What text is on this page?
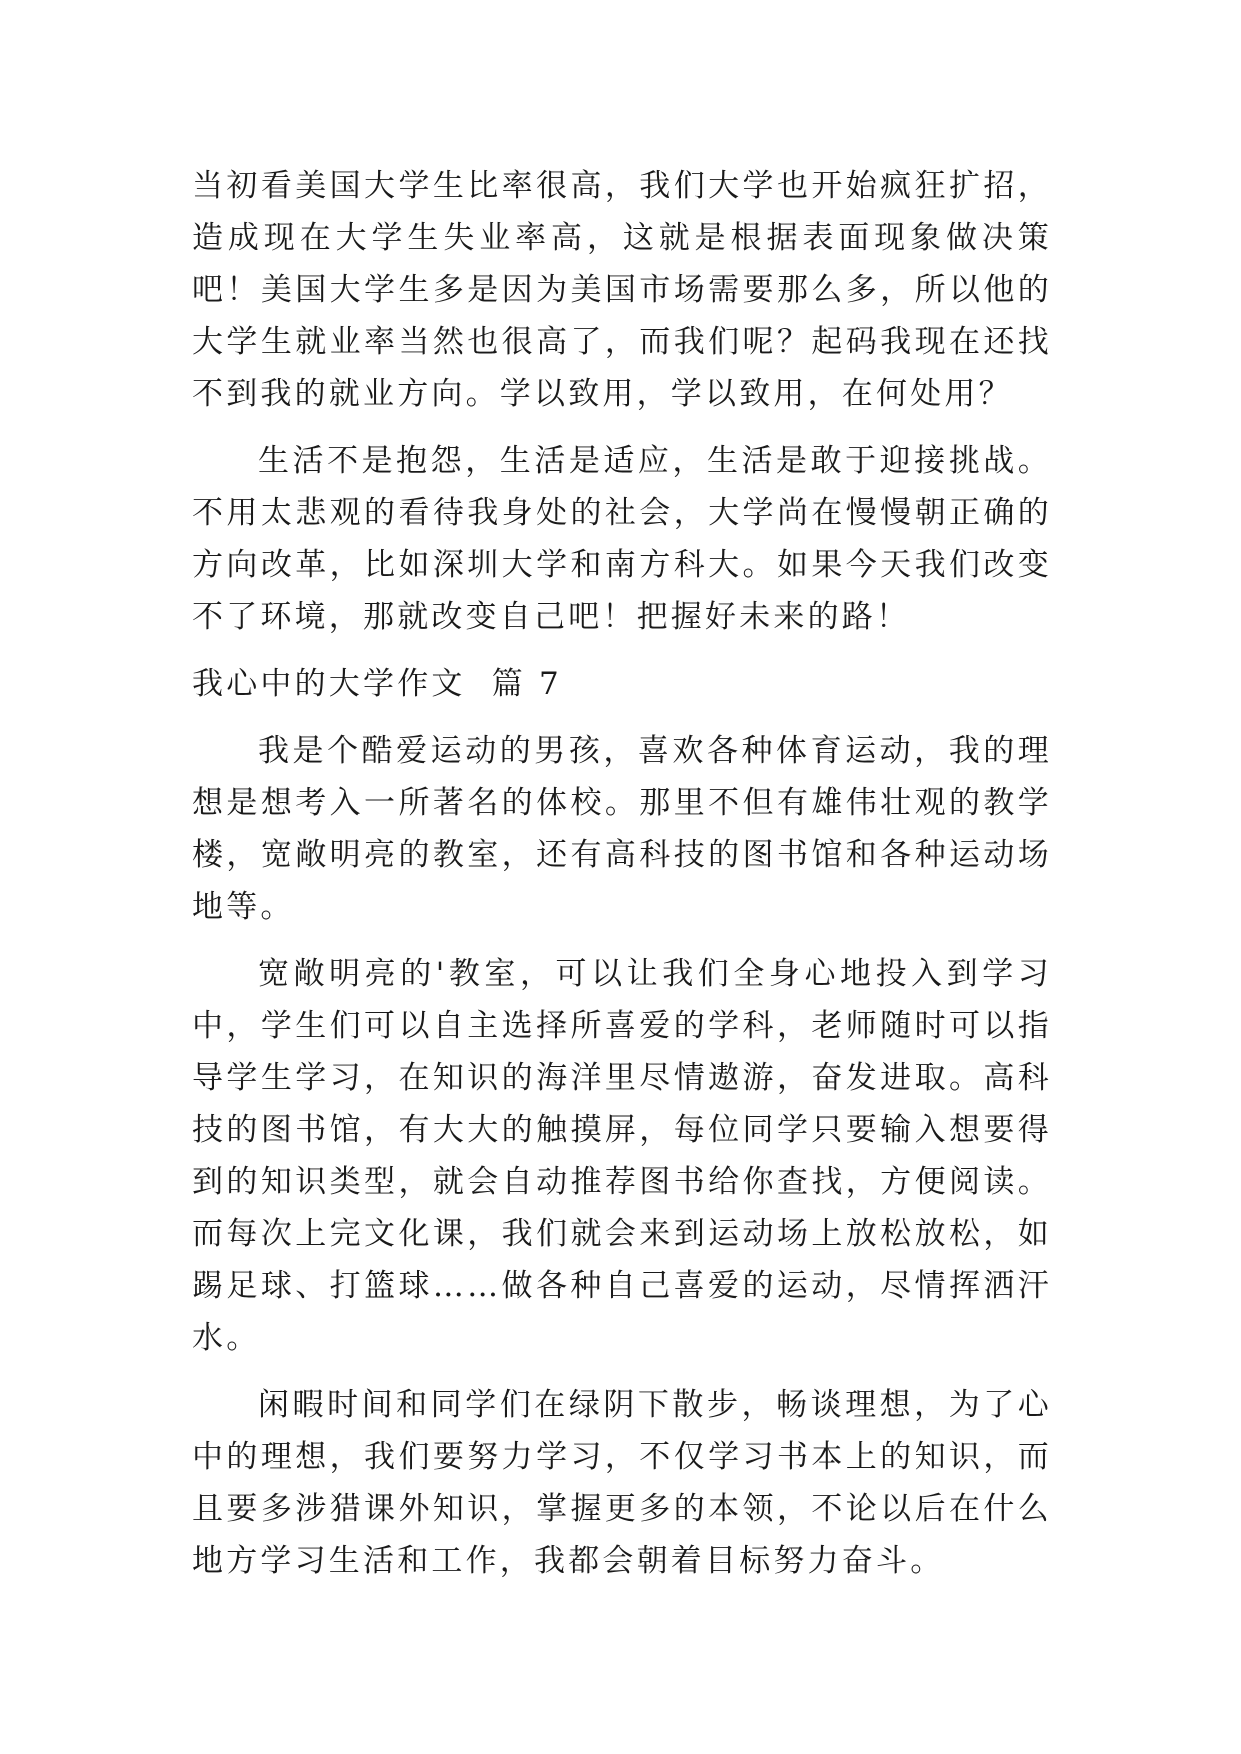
当初看美国大学生比率很高，我们大学也开始疯狂扩招，造成现在大学生失业率高，这就是根据表面现象做决策吧！美国大学生多是因为美国市场需要那么多，所以他的大学生就业率当然也很高了，而我们呢？起码我现在还找不到我的就业方向。学以致用，学以致用，在何处用？

生活不是抱怨，生活是适应，生活是敢于迎接挑战。不用太悲观的看待我身处的社会，大学尚在慢慢朝正确的方向改革，比如深圳大学和南方科大。如果今天我们改变不了环境，那就改变自己吧！把握好未来的路！

我心中的大学作文  篇 7

我是个酷爱运动的男孩，喜欢各种体育运动，我的理想是想考入一所著名的体校。那里不但有雄伟壮观的教学楼，宽敞明亮的教室，还有高科技的图书馆和各种运动场地等。

宽敞明亮的'教室，可以让我们全身心地投入到学习中，学生们可以自主选择所喜爱的学科，老师随时可以指导学生学习，在知识的海洋里尽情遨游，奋发进取。高科技的图书馆，有大大的触摸屏，每位同学只要输入想要得到的知识类型，就会自动推荐图书给你查找，方便阅读。而每次上完文化课，我们就会来到运动场上放松放松，如踢足球、打篮球……做各种自己喜爱的运动，尽情挥洒汗水。

闲暇时间和同学们在绿阴下散步，畅谈理想，为了心中的理想，我们要努力学习，不仅学习书本上的知识，而且要多涉猎课外知识，掌握更多的本领，不论以后在什么地方学习生活和工作，我都会朝着目标努力奋斗。
